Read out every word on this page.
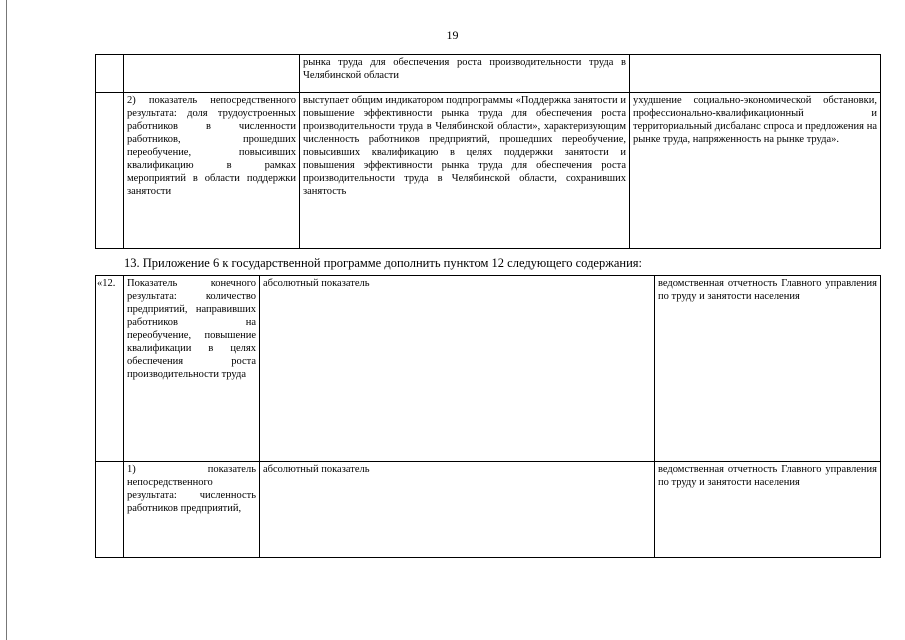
19
		рынка труда для обеспечения роста производительности труда в Челябинской области	
	2) показатель непосредственного результата: доля трудоустроенных работников в численности работников, прошедших переобучение, повысивших квалификацию в рамках мероприятий в области поддержки занятости	выступает общим индикатором подпрограммы «Поддержка занятости и повышение эффективности рынка труда для обеспечения роста производительности труда в Челябинской области», характеризующим численность работников предприятий, прошедших переобучение, повысивших квалификацию в целях поддержки занятости и повышения эффективности рынка труда для обеспечения роста производительности труда в Челябинской области, сохранивших занятость	ухудшение социально-экономической обстановки, профессионально-квалификационный и территориальный дисбаланс спроса и предложения на рынке труда, напряженность на рынке труда».
13. Приложение 6 к государственной программе дополнить пунктом 12 следующего содержания:
«12.	Показатель конечного результата: количество предприятий, направивших работников на переобучение, повышение квалификации в целях обеспечения роста производительности труда	абсолютный показатель	ведомственная отчетность Главного управления по труду и занятости населения
	1) показатель непосредственного результата: численность работников предприятий,	абсолютный показатель	ведомственная отчетность Главного управления по труду и занятости населения
